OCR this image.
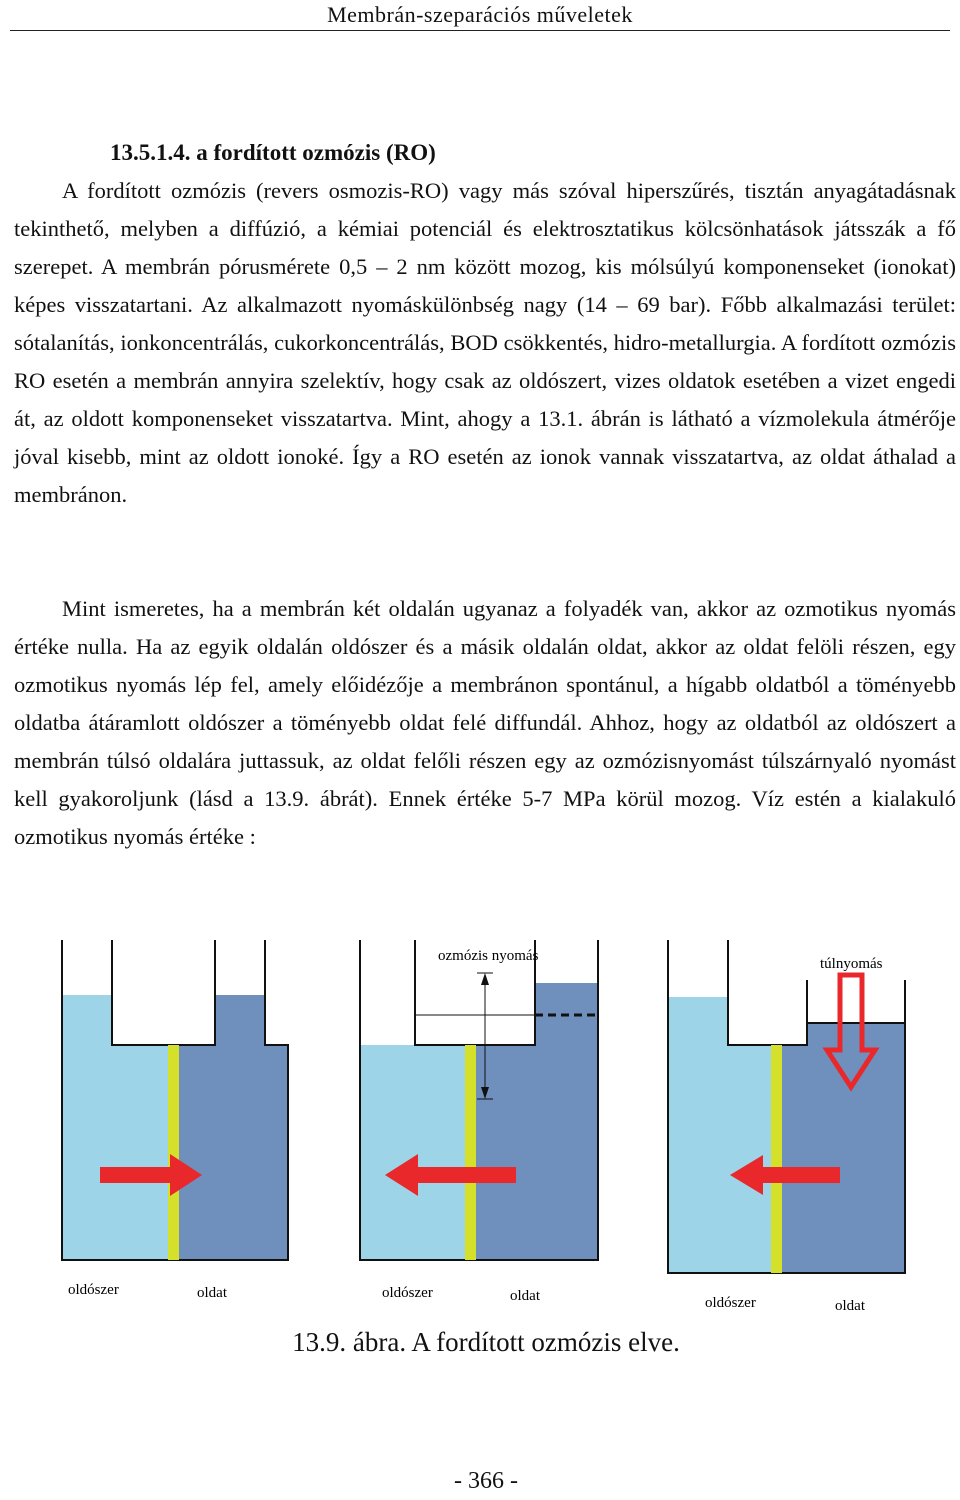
Membrán-szeparációs műveletek
13.5.1.4. a fordított ozmózis (RO)

A fordított ozmózis (revers osmozis-RO) vagy más szóval hiperszűrés, tisztán anyagátadásnak tekinthető, melyben a diffúzió, a kémiai potenciál és elektrosztatikus kölcsönhatások játsszák a fő szerepet. A membrán pórusmérete 0,5 – 2 nm között mozog, kis mólsúlyú komponenseket (ionokat) képes visszatartani. Az alkalmazott nyomáskülönbség nagy (14 – 69 bar). Főbb alkalmazási terület: sótalanítás, ionkoncentrálás, cukorkoncentrálás, BOD csökkentés, hidro-metallurgia. A fordított ozmózis RO esetén a membrán annyira szelektív, hogy csak az oldószert, vizes oldatok esetében a vizet engedi át, az oldott komponenseket visszatartva. Mint, ahogy a 13.1. ábrán is látható a vízmolekula átmérője jóval kisebb, mint az oldott ionoké. Így a RO esetén az ionok vannak visszatartva, az oldat áthalad a membránon.

Mint ismeretes, ha a membrán két oldalán ugyanaz a folyadék van, akkor az ozmotikus nyomás értéke nulla. Ha az egyik oldalán oldószer és a másik oldalán oldat, akkor az oldat felöli részen, egy ozmotikus nyomás lép fel, amely előidézője a membránon spontánul, a hígabb oldatból a töményebb oldatba átáramlott oldószer a töményebb oldat felé diffundál. Ahhoz, hogy az oldatból az oldószert a membrán túlsó oldalára juttassuk, az oldat felőli részen egy az ozmózisnyomást túlszárnyaló nyomást kell gyakoroljunk (lásd a 13.9. ábrát). Ennek értéke 5-7 MPa körül mozog. Víz estén a kialakuló ozmotikus nyomás értéke :

oldószer	oldat
ozmózis nyomás
oldószer	oldat
túlnyomás
oldószer	oldat
13.9. ábra. A fordított ozmózis elve.
- 366 -
